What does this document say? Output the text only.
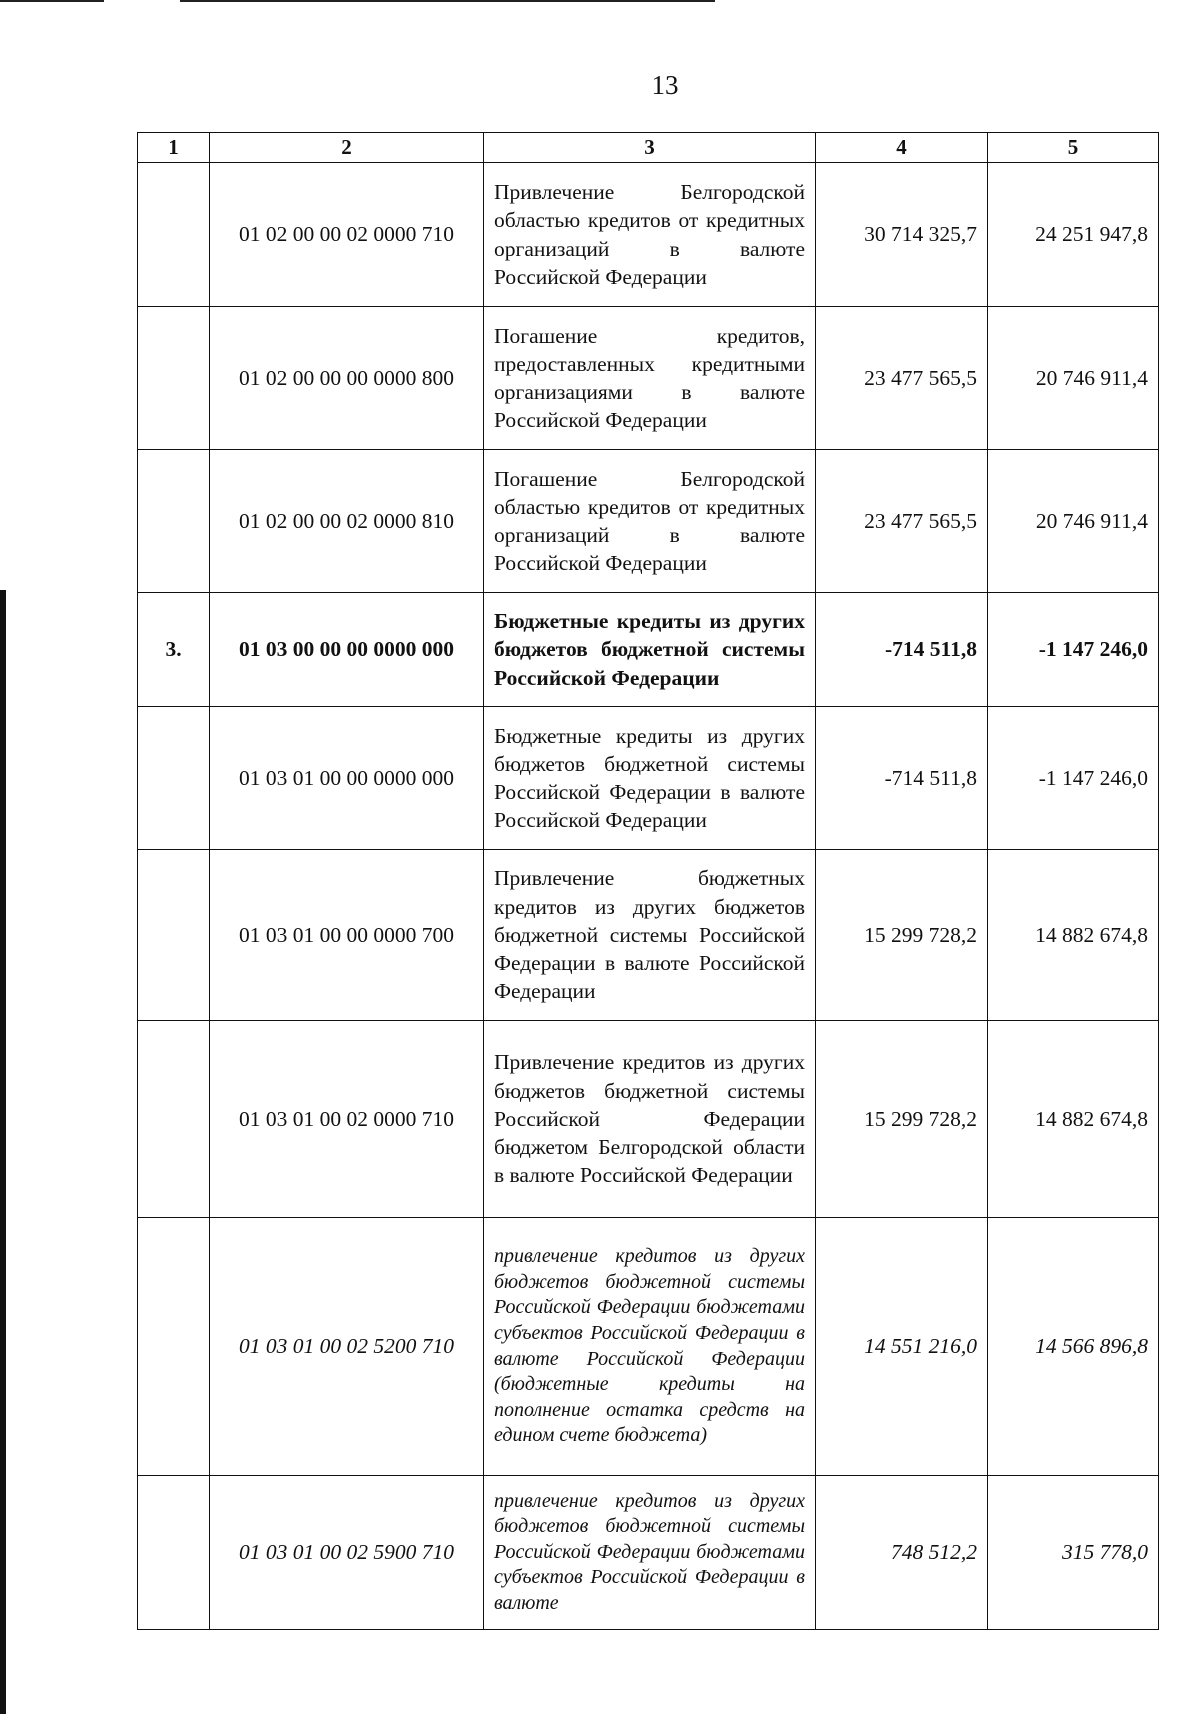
13
1	2	3	4	5
	01 02 00 00 02 0000 710	Привлечение Белгородской областью кредитов от кредитных организаций в валюте Российской Федерации	30 714 325,7	24 251 947,8
	01 02 00 00 00 0000 800	Погашение кредитов, предоставленных кредитными организациями в валюте Российской Федерации	23 477 565,5	20 746 911,4
	01 02 00 00 02 0000 810	Погашение Белгородской областью кредитов от кредитных организаций в валюте Российской Федерации	23 477 565,5	20 746 911,4
3.	01 03 00 00 00 0000 000	Бюджетные кредиты из других бюджетов бюджетной системы Российской Федерации	-714 511,8	-1 147 246,0
	01 03 01 00 00 0000 000	Бюджетные кредиты из других бюджетов бюджетной системы Российской Федерации в валюте Российской Федерации	-714 511,8	-1 147 246,0
	01 03 01 00 00 0000 700	Привлечение бюджетных кредитов из других бюджетов бюджетной системы Российской Федерации в валюте Российской Федерации	15 299 728,2	14 882 674,8
	01 03 01 00 02 0000 710	Привлечение кредитов из других бюджетов бюджетной системы Российской Федерации бюджетом Белгородской области в валюте Российской Федерации	15 299 728,2	14 882 674,8
	01 03 01 00 02 5200 710	привлечение кредитов из других бюджетов бюджетной системы Российской Федерации бюджетами субъектов Российской Федерации в валюте Российской Федерации (бюджетные кредиты на пополнение остатка средств на едином счете бюджета)	14 551 216,0	14 566 896,8
	01 03 01 00 02 5900 710	привлечение кредитов из других бюджетов бюджетной системы Российской Федерации бюджетами субъектов Российской Федерации в валюте	748 512,2	315 778,0
